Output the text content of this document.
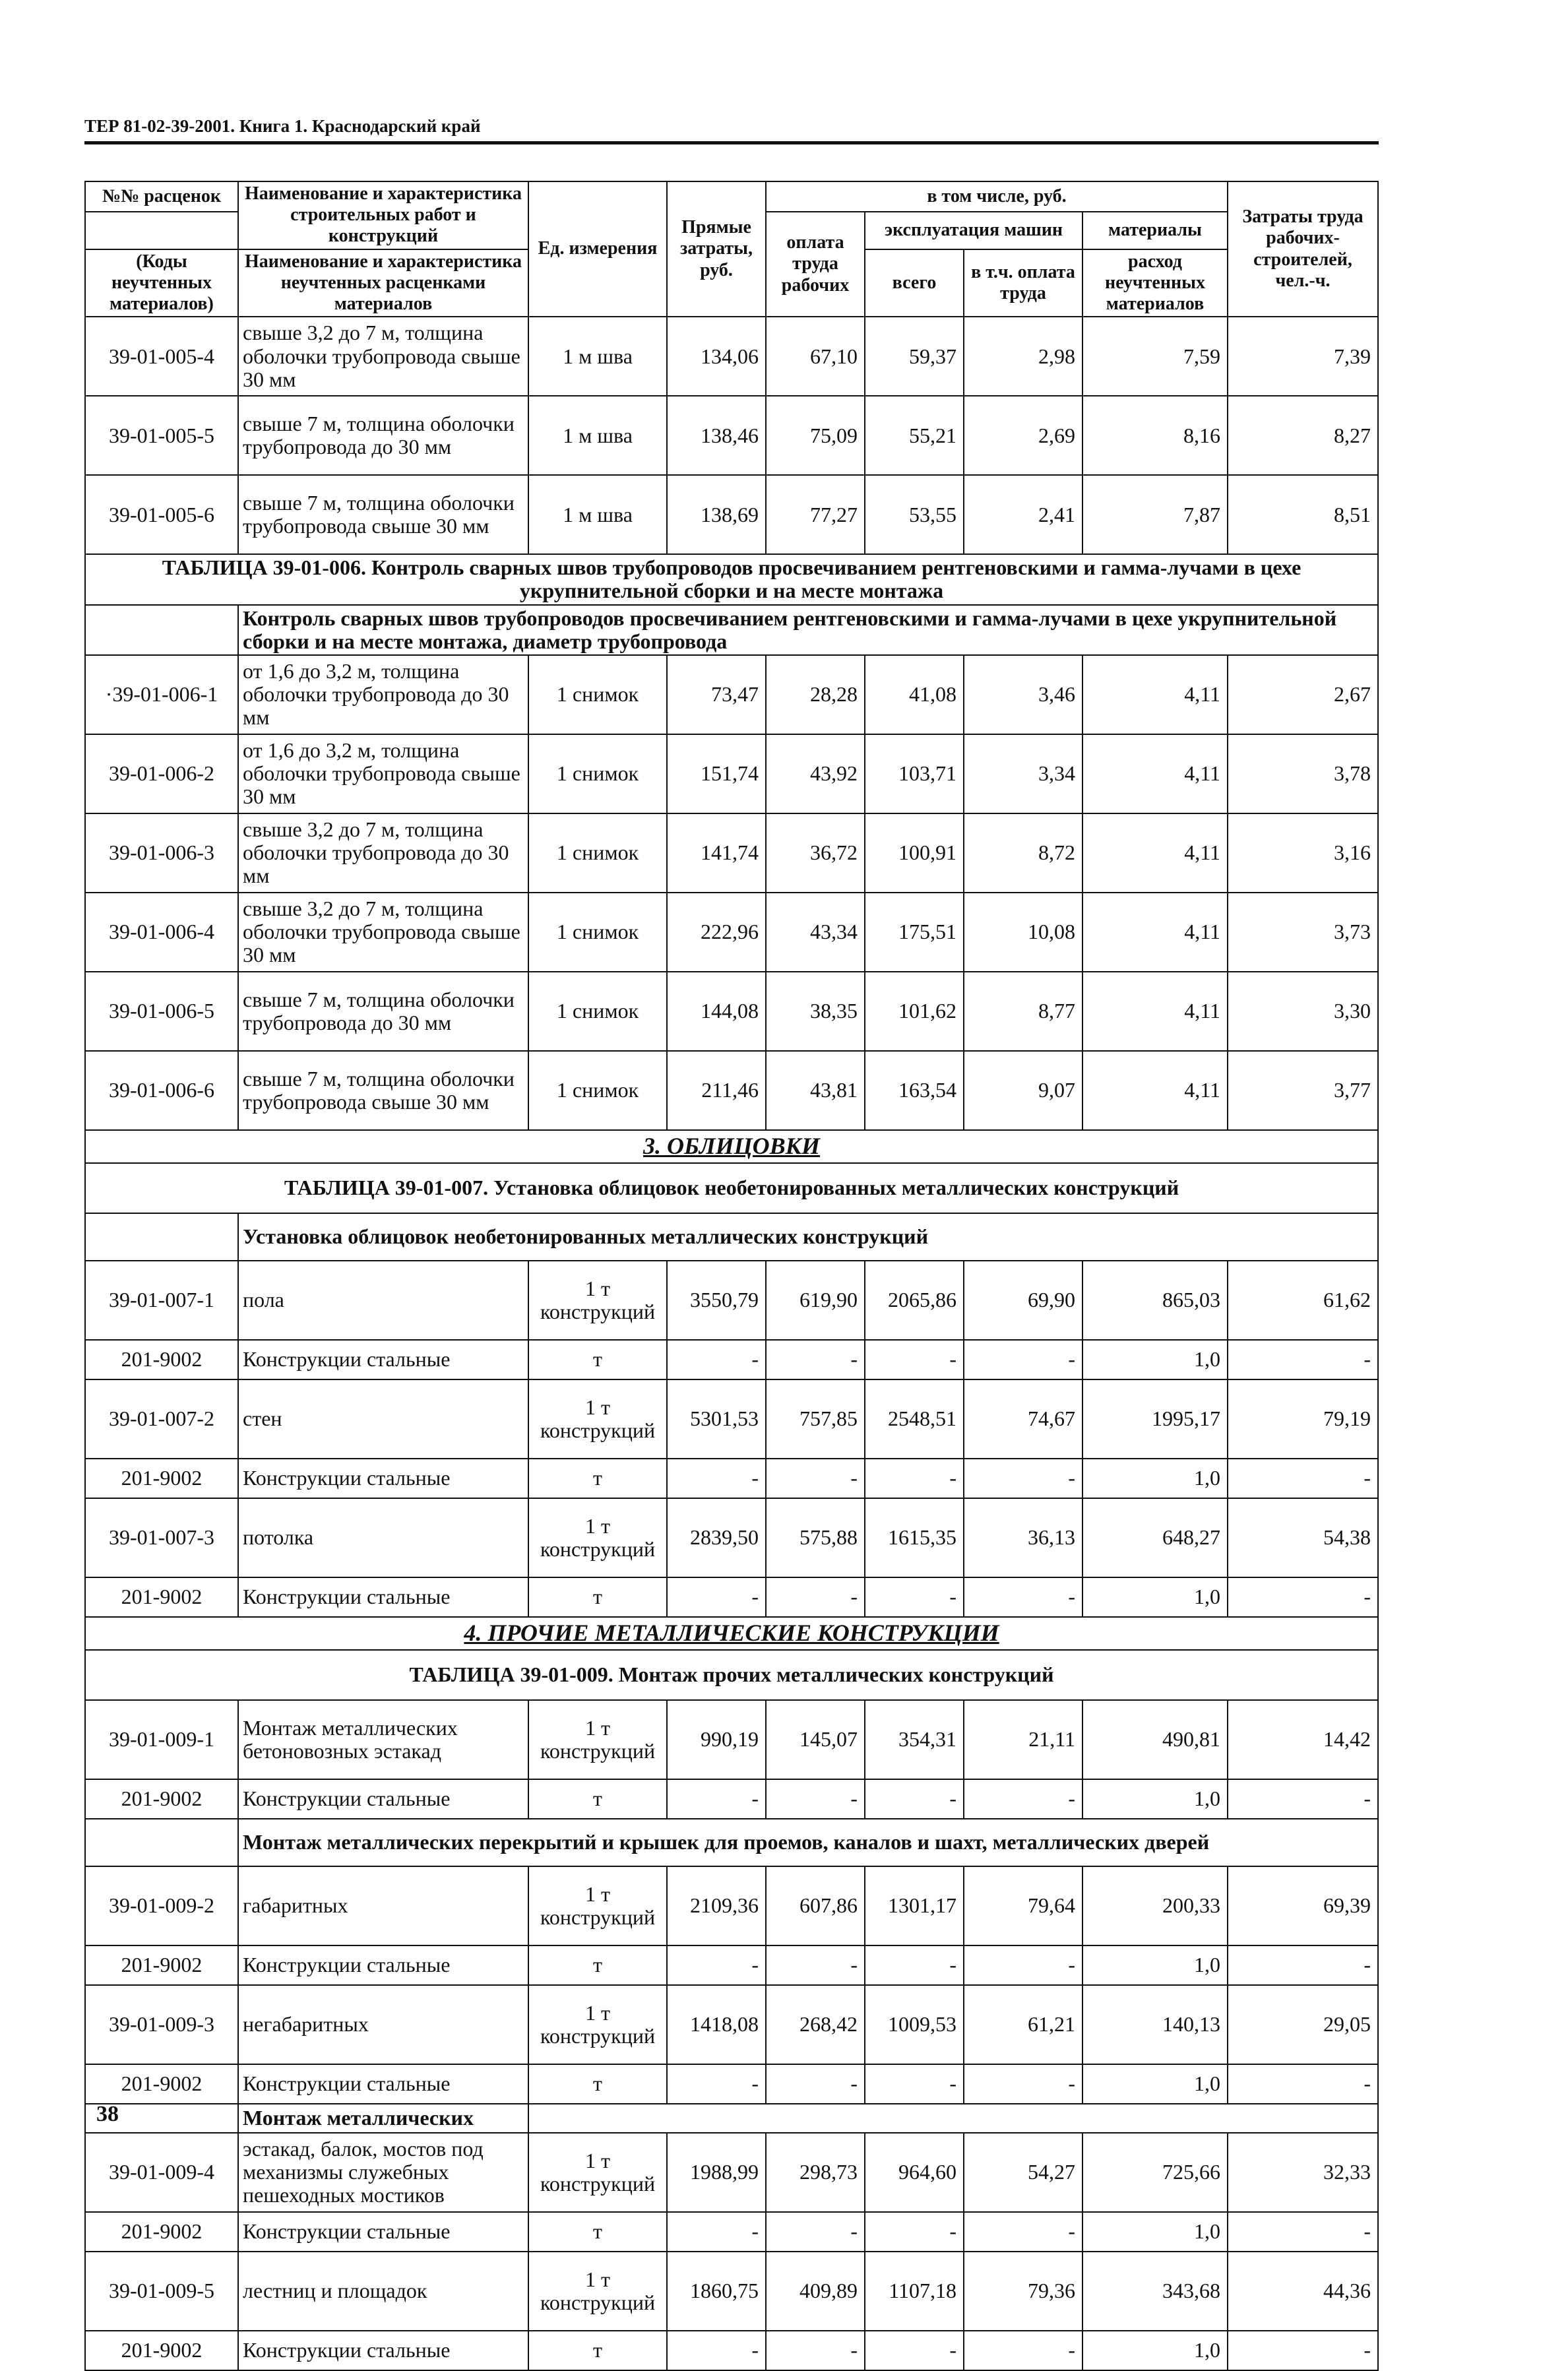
ТЕР 81-02-39-2001. Книга 1. Краснодарский край
№№ расценок	Наименование и характеристика строительных работ и конструкций	Ед. измерения	Прямые затраты, руб.	в том числе, руб.				Затраты труда рабочих-строителей, чел.-ч.
				оплата труда рабочих	эксплуатация машин		материалы	
(Коды неучтенных материалов)	Наименование и характеристика неучтенных расценками материалов				всего	в т.ч. оплата труда	расход неучтенных материалов	

39-01-005-4	свыше 3,2 до 7 м, толщина оболочки трубопровода свыше 30 мм	1 м шва	134,06	67,10	59,37	2,98	7,59	7,39
39-01-005-5	свыше 7 м, толщина оболочки трубопровода до 30 мм	1 м шва	138,46	75,09	55,21	2,69	8,16	8,27
39-01-005-6	свыше 7 м, толщина оболочки трубопровода свыше 30 мм	1 м шва	138,69	77,27	53,55	2,41	7,87	8,51
ТАБЛИЦА 39-01-006. Контроль сварных швов трубопроводов просвечиванием рентгеновскими и гамма-лучами в цехе укрупнительной сборки и на месте монтажа								
	Контроль сварных швов трубопроводов просвечиванием рентгеновскими и гамма-лучами в цехе укрупнительной сборки и на месте монтажа, диаметр трубопровода							
·39-01-006-1	от 1,6 до 3,2 м, толщина оболочки трубопровода до 30 мм	1 снимок	73,47	28,28	41,08	3,46	4,11	2,67
39-01-006-2	от 1,6 до 3,2 м, толщина оболочки трубопровода свыше 30 мм	1 снимок	151,74	43,92	103,71	3,34	4,11	3,78
39-01-006-3	свыше 3,2 до 7 м, толщина оболочки трубопровода до 30 мм	1 снимок	141,74	36,72	100,91	8,72	4,11	3,16
39-01-006-4	свыше 3,2 до 7 м, толщина оболочки трубопровода свыше 30 мм	1 снимок	222,96	43,34	175,51	10,08	4,11	3,73
39-01-006-5	свыше 7 м, толщина оболочки трубопровода до 30 мм	1 снимок	144,08	38,35	101,62	8,77	4,11	3,30
39-01-006-6	свыше 7 м, толщина оболочки трубопровода свыше 30 мм	1 снимок	211,46	43,81	163,54	9,07	4,11	3,77
3. ОБЛИЦОВКИ								
ТАБЛИЦА 39-01-007. Установка облицовок необетонированных металлических конструкций								
	Установка облицовок необетонированных металлических конструкций							
39-01-007-1	пола	1 т конструкций	3550,79	619,90	2065,86	69,90	865,03	61,62
201-9002	Конструкции стальные	т	-	-	-	-	1,0	-
39-01-007-2	стен	1 т конструкций	5301,53	757,85	2548,51	74,67	1995,17	79,19
201-9002	Конструкции стальные	т	-	-	-	-	1,0	-
39-01-007-3	потолка	1 т конструкций	2839,50	575,88	1615,35	36,13	648,27	54,38
201-9002	Конструкции стальные	т	-	-	-	-	1,0	-
4. ПРОЧИЕ МЕТАЛЛИЧЕСКИЕ КОНСТРУКЦИИ								
ТАБЛИЦА 39-01-009. Монтаж прочих металлических конструкций								
39-01-009-1	Монтаж металлических бетоновозных эстакад	1 т конструкций	990,19	145,07	354,31	21,11	490,81	14,42
201-9002	Конструкции стальные	т	-	-	-	-	1,0	-
	Монтаж металлических перекрытий и крышек для проемов, каналов и шахт, металлических дверей							
39-01-009-2	габаритных	1 т конструкций	2109,36	607,86	1301,17	79,64	200,33	69,39
201-9002	Конструкции стальные	т	-	-	-	-	1,0	-
39-01-009-3	негабаритных	1 т конструкций	1418,08	268,42	1009,53	61,21	140,13	29,05
201-9002	Конструкции стальные	т	-	-	-	-	1,0	-
	Монтаж металлических							
39-01-009-4	эстакад, балок, мостов под механизмы служебных пешеходных мостиков	1 т конструкций	1988,99	298,73	964,60	54,27	725,66	32,33
201-9002	Конструкции стальные	т	-	-	-	-	1,0	-
39-01-009-5	лестниц и площадок	1 т конструкций	1860,75	409,89	1107,18	79,36	343,68	44,36
201-9002	Конструкции стальные	т	-	-	-	-	1,0	-
38
